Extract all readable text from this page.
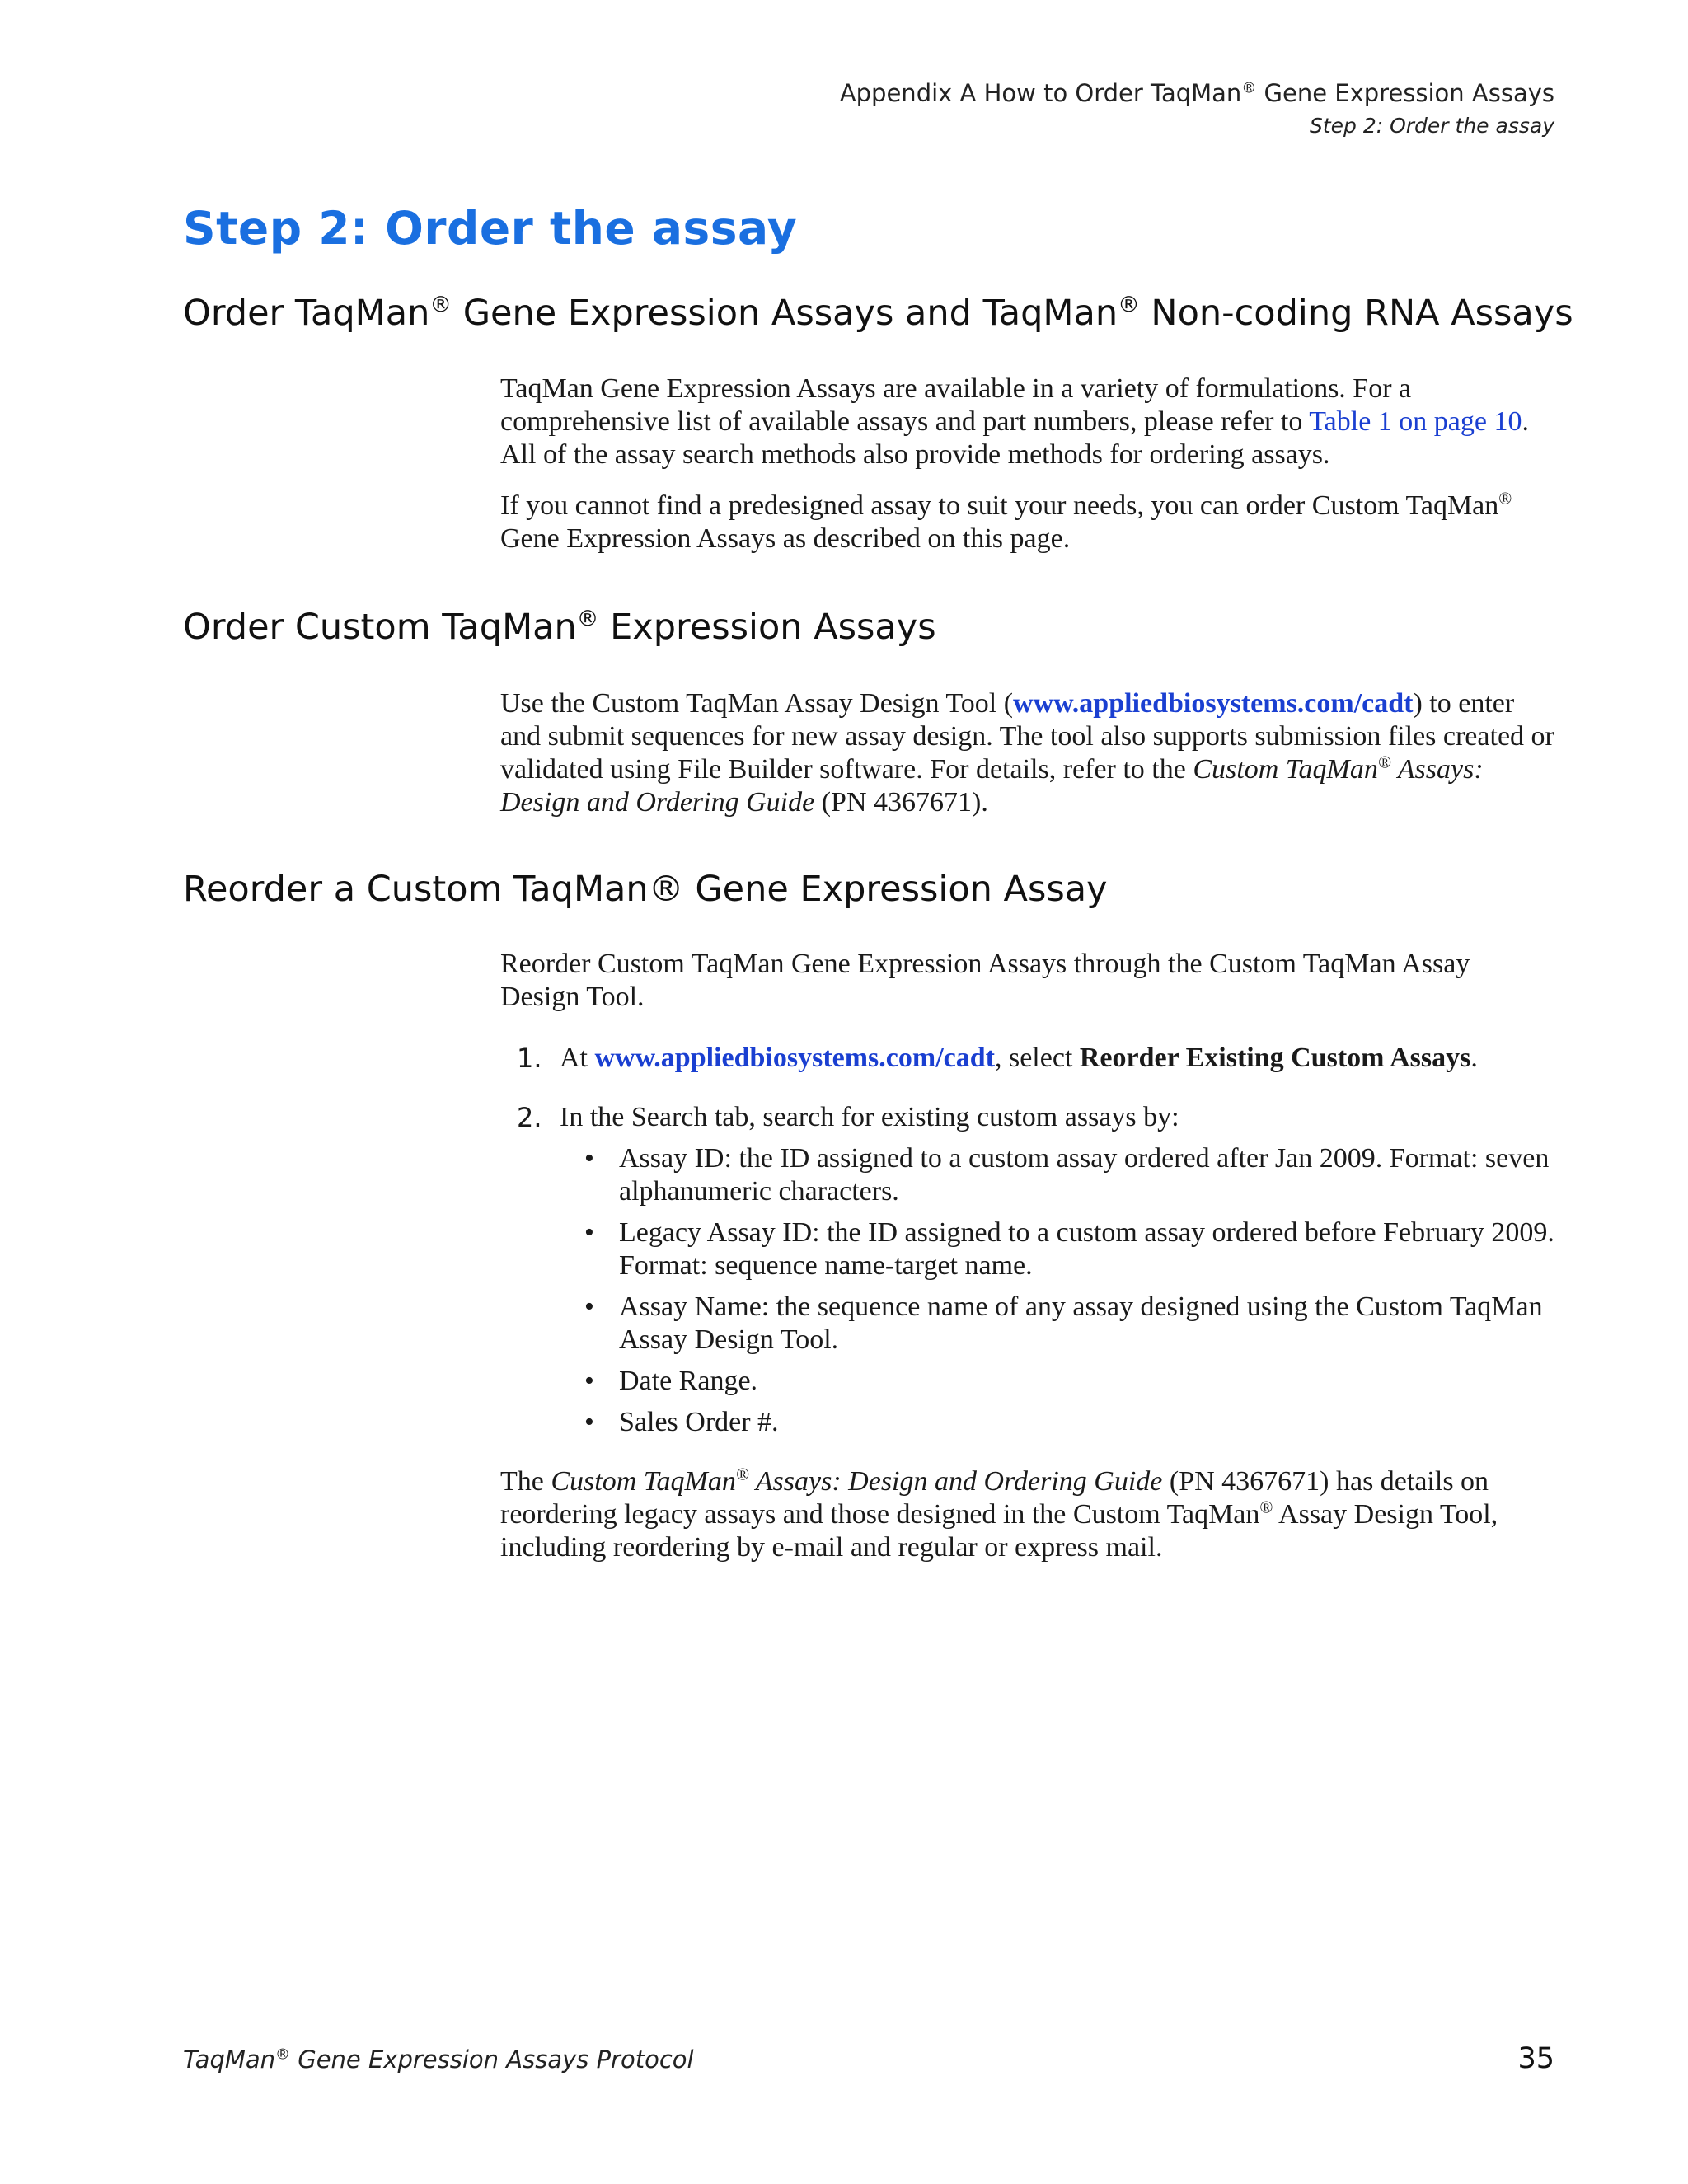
Appendix A How to Order TaqMan® Gene Expression Assays
Step 2: Order the assay
Step 2: Order the assay
Order TaqMan® Gene Expression Assays and TaqMan® Non-coding RNA Assays

TaqMan Gene Expression Assays are available in a variety of formulations. For a comprehensive list of available assays and part numbers, please refer to Table 1 on page 10. All of the assay search methods also provide methods for ordering assays.

If you cannot find a predesigned assay to suit your needs, you can order Custom TaqMan® Gene Expression Assays as described on this page.

Order Custom TaqMan® Expression Assays

Use the Custom TaqMan Assay Design Tool (www.appliedbiosystems.com/cadt) to enter and submit sequences for new assay design. The tool also supports submission files created or validated using File Builder software. For details, refer to the Custom TaqMan® Assays: Design and Ordering Guide (PN 4367671).

Reorder a Custom TaqMan® Gene Expression Assay

Reorder Custom TaqMan Gene Expression Assays through the Custom TaqMan Assay Design Tool.

1. At www.appliedbiosystems.com/cadt, select Reorder Existing Custom Assays.
2. In the Search tab, search for existing custom assays by:
• Assay ID: the ID assigned to a custom assay ordered after Jan 2009. Format: seven alphanumeric characters.
• Legacy Assay ID: the ID assigned to a custom assay ordered before February 2009. Format: sequence name-target name.
• Assay Name: the sequence name of any assay designed using the Custom TaqMan Assay Design Tool.
• Date Range.
• Sales Order #.

The Custom TaqMan® Assays: Design and Ordering Guide (PN 4367671) has details on reordering legacy assays and those designed in the Custom TaqMan® Assay Design Tool, including reordering by e-mail and regular or express mail.

TaqMan® Gene Expression Assays Protocol	35
